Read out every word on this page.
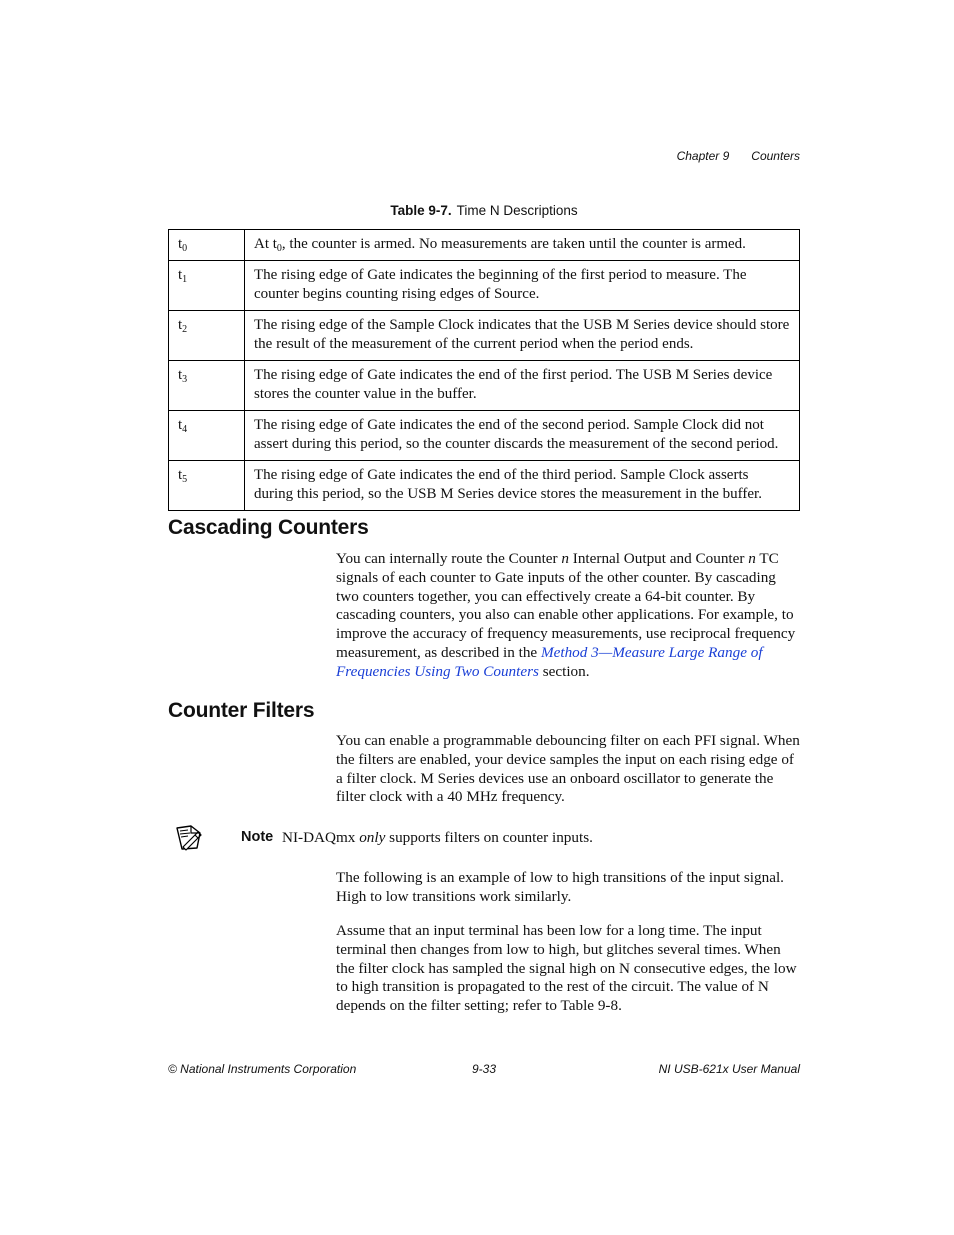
Chapter 9 Counters
Table 9-7. Time N Descriptions
$t_0$	At $t_0$, the counter is armed. No measurements are taken until the counter is armed.
$t_1$	The rising edge of Gate indicates the beginning of the first period to measure. The counter begins counting rising edges of Source.
$t_2$	The rising edge of the Sample Clock indicates that the USB M Series device should store the result of the measurement of the current period when the period ends.
$t_3$	The rising edge of Gate indicates the end of the first period. The USB M Series device stores the counter value in the buffer.
$t_4$	The rising edge of Gate indicates the end of the second period. Sample Clock did not assert during this period, so the counter discards the measurement of the second period.
$t_5$	The rising edge of Gate indicates the end of the third period. Sample Clock asserts during this period, so the USB M Series device stores the measurement in the buffer.
Cascading Counters

You can internally route the Counter n Internal Output and Counter n TC signals of each counter to Gate inputs of the other counter. By cascading two counters together, you can effectively create a 64-bit counter. By cascading counters, you also can enable other applications. For example, to improve the accuracy of frequency measurements, use reciprocal frequency measurement, as described in the Method 3—Measure Large Range of Frequencies Using Two Counters section.

Counter Filters

You can enable a programmable debouncing filter on each PFI signal. When the filters are enabled, your device samples the input on each rising edge of a filter clock. M Series devices use an onboard oscillator to generate the filter clock with a 40 MHz frequency.

Note NI-DAQmx only supports filters on counter inputs.

The following is an example of low to high transitions of the input signal. High to low transitions work similarly.

Assume that an input terminal has been low for a long time. The input terminal then changes from low to high, but glitches several times. When the filter clock has sampled the signal high on N consecutive edges, the low to high transition is propagated to the rest of the circuit. The value of N depends on the filter setting; refer to Table 9-8.

© National Instruments Corporation	9-33	NI USB-621x User Manual
